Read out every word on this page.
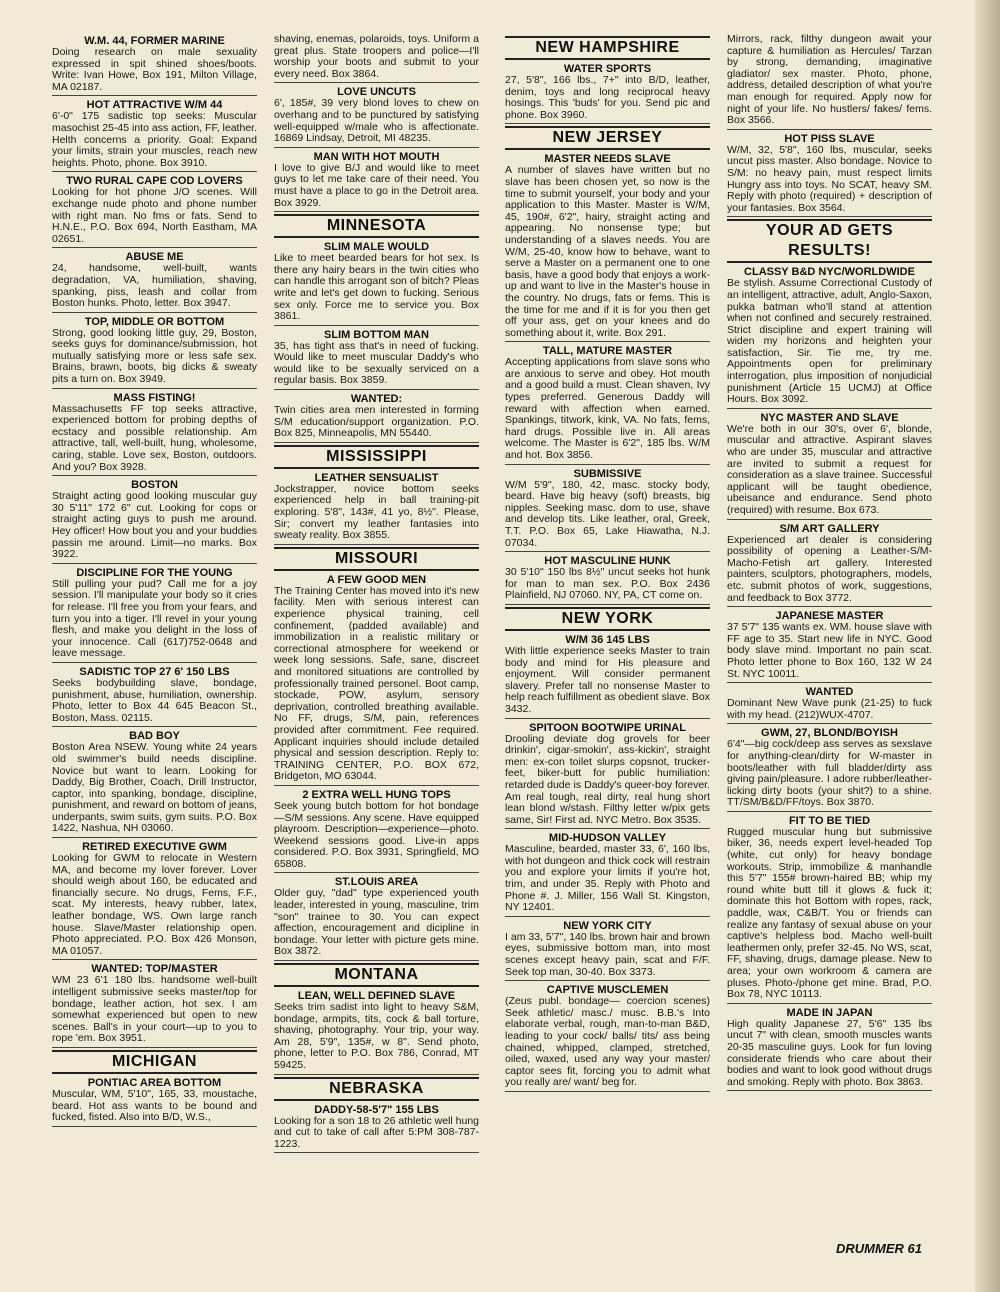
W.M. 44, FORMER MARINE
Doing research on male sexuality expressed in spit shined shoes/boots. Write: Ivan Howe, Box 191, Milton Village, MA 02187.
HOT ATTRACTIVE W/M 44
6'-0" 175 sadistic top seeks: Muscular masochist 25-45 into ass action, FF, leather. Helth concerns a priority. Goal: Expand your limits, strain your muscles, reach new heights. Photo, phone. Box 3910.
TWO RURAL CAPE COD LOVERS
Looking for hot phone J/O scenes. Will exchange nude photo and phone number with right man. No fms or fats. Send to H.N.E., P.O. Box 694, North Eastham, MA 02651.
ABUSE ME
24, handsome, well-built, wants degradation, VA, humiliation, shaving, spanking, piss, leash and collar from Boston hunks. Photo, letter. Box 3947.
TOP, MIDDLE OR BOTTOM
Strong, good looking little guy, 29, Boston, seeks guys for dominance/submission, hot mutually satisfying more or less safe sex. Brains, brawn, boots, big dicks & sweaty pits a turn on. Box 3949.
MASS FISTING!
Massachusetts FF top seeks attractive, experienced bottom for probing depths of ecstacy and possible relationship. Am attractive, tall, well-built, hung, wholesome, caring, stable. Love sex, Boston, outdoors. And you? Box 3928.
BOSTON
Straight acting good looking muscular guy 30 5'11" 172 6" cut. Looking for cops or straight acting guys to push me around. Hey officer! How bout you and your buddies passin me around. Limit—no marks. Box 3922.
DISCIPLINE FOR THE YOUNG
Still pulling your pud? Call me for a joy session. I'll manipulate your body so it cries for release. I'll free you from your fears, and turn you into a tiger. I'll revel in your young flesh, and make you delight in the loss of your innocence. Call (617)752-0648 and leave message.
SADISTIC TOP 27 6' 150 LBS
Seeks bodybuilding slave, bondage, punishment, abuse, humiliation, ownership. Photo, letter to Box 44 645 Beacon St., Boston, Mass. 02115.
BAD BOY
Boston Area NSEW. Young white 24 years old swimmer's build needs discipline. Novice but want to learn. Looking for Daddy, Big Brother, Coach, Drill Instructor, captor, into spanking, bondage, discipline, punishment, and reward on bottom of jeans, underpants, swim suits, gym suits. P.O. Box 1422, Nashua, NH 03060.
RETIRED EXECUTIVE GWM
Looking for GWM to relocate in Western MA, and become my lover forever. Lover should weigh about 160, be educated and financially secure. No drugs, Fems, F.F., scat. My interests, heavy rubber, latex, leather bondage, WS. Own large ranch house. Slave/Master relationship open. Photo appreciated. P.O. Box 426 Monson, MA 01057.
WANTED: TOP/MASTER
WM 23 6'1 180 lbs. handsome well-built intelligent submissive seeks master/top for bondage, leather action, hot sex. I am somewhat experienced but open to new scenes. Ball's in your court—up to you to rope 'em. Box 3951.
MICHIGAN
PONTIAC AREA BOTTOM
Muscular, WM, 5'10", 165, 33, moustache, beard. Hot ass wants to be bound and fucked, fisted. Also into B/D, W.S.,
shaving, enemas, polaroids, toys. Uniform a great plus. State troopers and police—I'll worship your boots and submit to your every need. Box 3864.
LOVE UNCUTS
6', 185#, 39 very blond loves to chew on overhang and to be punctured by satisfying well-equipped w/male who is affectionate. 16869 Lindsay, Detroit, MI 48235.
MAN WITH HOT MOUTH
I love to give B/J and would like to meet guys to let me take care of their need. You must have a place to go in the Detroit area. Box 3929.
MINNESOTA
SLIM MALE WOULD
Like to meet bearded bears for hot sex. Is there any hairy bears in the twin cities who can handle this arrogant son of bitch? Pleas write and let's get down to fucking. Serious sex only. Force me to service you. Box 3861.
SLIM BOTTOM MAN
35, has tight ass that's in need of fucking. Would like to meet muscular Daddy's who would like to be sexually serviced on a regular basis. Box 3859.
WANTED:
Twin cities area men interested in forming S/M education/support organization. P.O. Box 825, Minneapolis, MN 55440.
MISSISSIPPI
LEATHER SENSUALIST
Jockstrapper, novice bottom seeks experienced help in ball training-pit exploring. 5'8", 143#, 41 yo, 8½". Please, Sir; convert my leather fantasies into sweaty reality. Box 3855.
MISSOURI
A FEW GOOD MEN
The Training Center has moved into it's new facility. Men with serious interest can experience physical training, cell confinement, (padded available) and immobilization in a realistic military or correctional atmosphere for weekend or week long sessions. Safe, sane, discreet and monitored situations are controlled by professionally trained personel. Boot camp, stockade, POW, asylum, sensory deprivation, controlled breathing available. No FF, drugs, S/M, pain, references provided after commitment. Fee required. Applicant inquiries should include detailed physical and session description. Reply to: TRAINING CENTER, P.O. BOX 672, Bridgeton, MO 63044.
2 EXTRA WELL HUNG TOPS
Seek young butch bottom for hot bondage—S/M sessions. Any scene. Have equipped playroom. Description—experience—photo. Weekend sessions good. Live-in apps considered. P.O. Box 3931, Springfield, MO 65808.
ST.LOUIS AREA
Older guy, "dad" type experienced youth leader, interested in young, masculine, trim "son" trainee to 30. You can expect affection, encouragement and dicipline in bondage. Your letter with picture gets mine. Box 3872.
MONTANA
LEAN, WELL DEFINED SLAVE
Seeks trim sadist into light to heavy S&M, bondage, armpits, tits, cock & ball torture, shaving, photography. Your trip, your way. Am 28, 5'9", 135#, w 8". Send photo, phone, letter to P.O. Box 786, Conrad, MT 59425.
NEBRASKA
DADDY-58-5'7" 155 LBS
Looking for a son 18 to 26 athletic well hung and cut to take of call after 5:PM 308-787-1223.
NEW HAMPSHIRE
WATER SPORTS
27, 5'8", 166 lbs., 7+" into B/D, leather, denim, toys and long reciprocal heavy hosings. This 'buds' for you. Send pic and phone. Box 3960.
NEW JERSEY
MASTER NEEDS SLAVE
A number of slaves have written but no slave has been chosen yet, so now is the time to submit yourself, your body and your application to this Master. Master is W/M, 45, 190#, 6'2", hairy, straight acting and appearing. No nonsense type; but understanding of a slaves needs. You are W/M, 25-40, know how to behave, want to serve a Master on a permanent one to one basis, have a good body that enjoys a work-up and want to live in the Master's house in the country. No drugs, fats or fems. This is the time for me and if it is for you then get off your ass, get on your knees and do something about it, write. Box 291.
TALL, MATURE MASTER
Accepting applications from slave sons who are anxious to serve and obey. Hot mouth and a good build a must. Clean shaven, Ivy types preferred. Generous Daddy will reward with affection when earned. Spankings, titwork, kink, VA. No fats, fems, hard drugs. Possible live in. All areas welcome. The Master is 6'2", 185 lbs. W/M and hot. Box 3856.
SUBMISSIVE
W/M 5'9", 180, 42, masc. stocky body, beard. Have big heavy (soft) breasts, big nipples. Seeking masc. dom to use, shave and develop tits. Like leather, oral, Greek, T.T. P.O. Box 65, Lake Hiawatha, N.J. 07034.
HOT MASCULINE HUNK
30 5'10" 150 lbs 8½" uncut seeks hot hunk for man to man sex. P.O. Box 2436 Plainfield, NJ 07060. NY, PA, CT come on.
NEW YORK
W/M 36 145 LBS
With little experience seeks Master to train body and mind for His pleasure and enjoyment. Will consider permanent slavery. Prefer tall no nonsense Master to help reach fulfillment as obedient slave. Box 3432.
SPITOON BOOTWIPE URINAL
Drooling deviate dog grovels for beer drinkin', cigar-smokin', ass-kickin', straight men: ex-con toilet slurps copsnot, trucker-feet, biker-butt for public humiliation: retarded dude is Daddy's queer-boy forever. Am real tough, real dirty, real hung short lean blond w/stash. Filthy letter w/pix gets same, Sir! First ad. NYC Metro. Box 3535.
MID-HUDSON VALLEY
Masculine, bearded, master 33, 6', 160 lbs, with hot dungeon and thick cock will restrain you and explore your limits if you're hot, trim, and under 35. Reply with Photo and Phone #. J. Miller, 156 Wall St. Kingston, NY 12401.
NEW YORK CITY
I am 33, 5'7", 140 lbs. brown hair and brown eyes, submissive bottom man, into most scenes except heavy pain, scat and F/F. Seek top man, 30-40. Box 3373.
CAPTIVE MUSCLEMEN
(Zeus publ. bondage— coercion scenes) Seek athletic/ masc./ musc. B.B.'s Into elaborate verbal, rough, man-to-man B&D, leading to your cock/ balls/ tits/ ass being chained, whipped, clamped, stretched, oiled, waxed, used any way your master/ captor sees fit, forcing you to admit what you really are/ want/ beg for.
Mirrors, rack, filthy dungeon await your capture & humiliation as Hercules/ Tarzan by strong, demanding, imaginative gladiator/ sex master. Photo, phone, address, detailed description of what you're man enough for required. Apply now for night of your life. No hustlers/ fakes/ fems. Box 3566.
HOT PISS SLAVE
W/M, 32, 5'8", 160 lbs, muscular, seeks uncut piss master. Also bondage. Novice to S/M: no heavy pain, must respect limits Hungry ass into toys. No SCAT, heavy SM. Reply with photo (required) + description of your fantasies. Box 3564.
YOUR AD GETS RESULTS!
CLASSY B&D NYC/WORLDWIDE
Be stylish. Assume Correctional Custody of an intelligent, attractive, adult, Anglo-Saxon, pukka batman who'll stand at attention when not confined and securely restrained. Strict discipline and expert training will widen my horizons and heighten your satisfaction, Sir. Tie me, try me. Appointments open for preliminary interrogation, plus imposition of nonjudicial punishment (Article 15 UCMJ) at Office Hours. Box 3092.
NYC MASTER AND SLAVE
We're both in our 30's, over 6', blonde, muscular and attractive. Aspirant slaves who are under 35, muscular and attractive are invited to submit a request for consideration as a slave trainee. Successful applicant will be taught obedience, ubeisance and endurance. Send photo (required) with resume. Box 673.
S/M ART GALLERY
Experienced art dealer is considering possibility of opening a Leather-S/M-Macho-Fetish art gallery. Interested painters, sculptors, photographers, models, etc. submit photos of work, suggestions, and feedback to Box 3772.
JAPANESE MASTER
37 5'7" 135 wants ex. WM. house slave with FF age to 35. Start new life in NYC. Good body slave mind. Important no pain scat. Photo letter phone to Box 160, 132 W 24 St. NYC 10011.
WANTED
Dominant New Wave punk (21-25) to fuck with my head. (212)WUX-4707.
GWM, 27, BLOND/BOYISH
6'4"—big cock/deep ass serves as sexslave for anything-clean/dirty for W-master in boots/leather with full bladder/dirty ass giving pain/pleasure. I adore rubber/leather-licking dirty boots (your shit?) to a shine. TT/SM/B&D/FF/toys. Box 3870.
FIT TO BE TIED
Rugged muscular hung but submissive biker, 36, needs expert level-headed Top (white, cut only) for heavy bondage workouts. Strip, immobilize & manhandle this 5'7" 155# brown-haired BB; whip my round white butt till it glows & fuck it; dominate this hot Bottom with ropes, rack, paddle, wax, C&B/T. You or friends can realize any fantasy of sexual abuse on your captive's helpless bod. Macho well-built leathermen only, prefer 32-45. No WS, scat, FF, shaving, drugs, damage please. New to area; your own workroom & camera are pluses. Photo-/phone get mine. Brad, P.O. Box 78, NYC 10113.
MADE IN JAPAN
High quality Japanese 27, 5'6" 135 lbs uncut 7" with clean, smooth muscles wants 20-35 masculine guys. Look for fun loving considerate friends who care about their bodies and want to look good without drugs and smoking. Reply with photo. Box 3863.
DRUMMER 61
